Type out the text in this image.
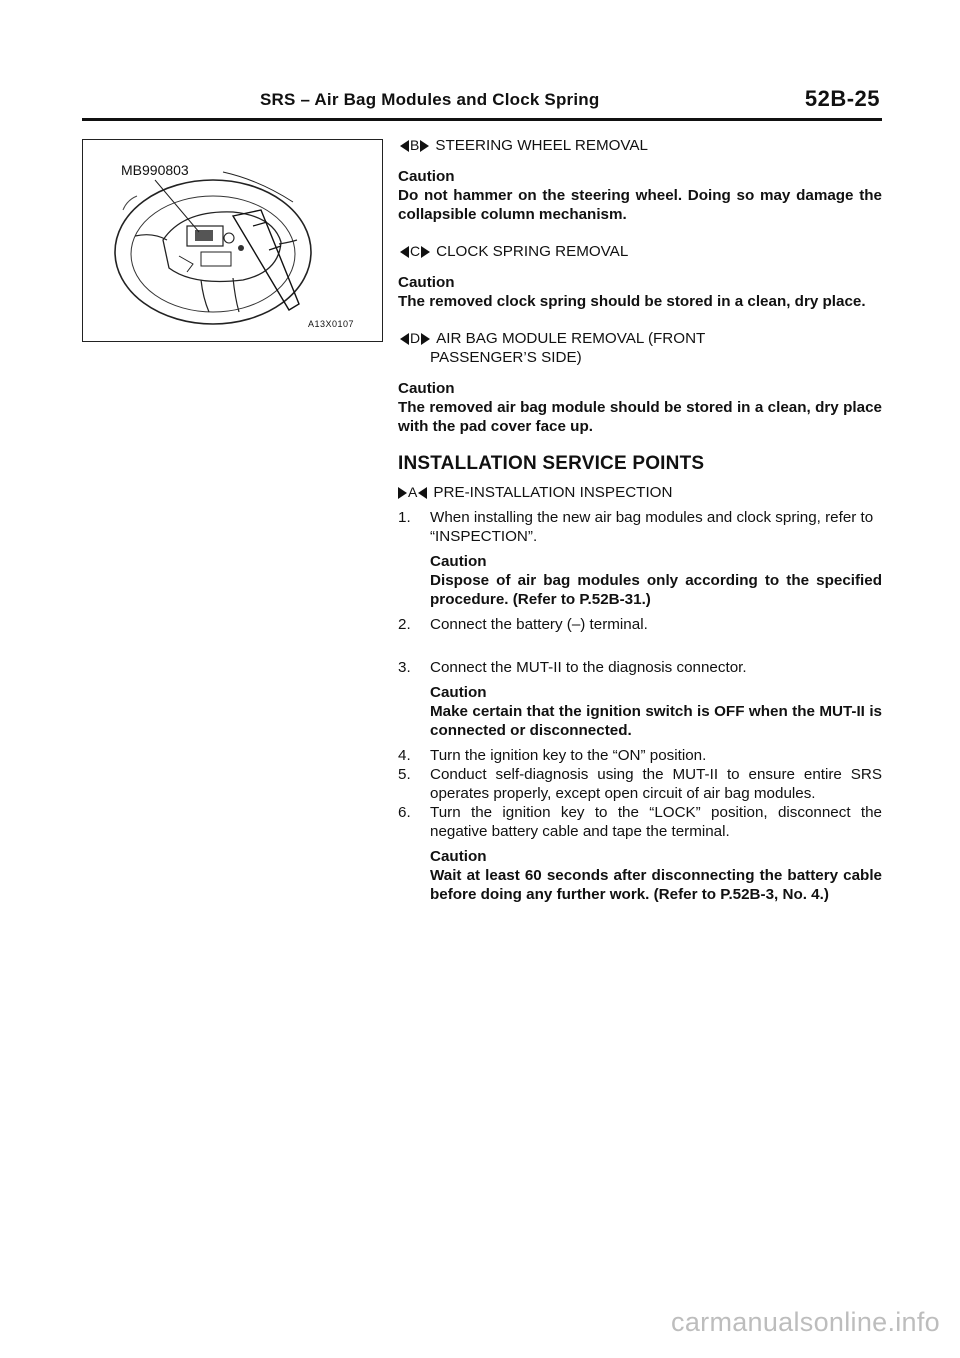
SRS – Air Bag Modules and Clock Spring	52B-25
MB990803
A13X0107
B STEERING WHEEL REMOVAL
Caution
Do not hammer on the steering wheel. Doing so may damage the collapsible column mechanism.
C CLOCK SPRING REMOVAL
Caution
The removed clock spring should be stored in a clean, dry place.
D AIR BAG MODULE REMOVAL (FRONT
PASSENGER’S SIDE)
Caution
The removed air bag module should be stored in a clean, dry place with the pad cover face up.
INSTALLATION SERVICE POINTS
A PRE-INSTALLATION INSPECTION
1.	When installing the new air bag modules and clock spring, refer to “INSPECTION”.
Caution
Dispose of air bag modules only according to the specified procedure. (Refer to P.52B-31.)
2.	Connect the battery (–) terminal.
3.	Connect the MUT-II to the diagnosis connector.
Caution
Make certain that the ignition switch is OFF when the MUT-II is connected or disconnected.
4.	Turn the ignition key to the “ON” position.
5.	Conduct self-diagnosis using the MUT-II to ensure entire SRS operates properly, except open circuit of air bag modules.
6.	Turn the ignition key to the “LOCK” position, disconnect the negative battery cable and tape the terminal.
Caution
Wait at least 60 seconds after disconnecting the battery cable before doing any further work. (Refer to P.52B-3, No. 4.)
carmanualsonline.info
